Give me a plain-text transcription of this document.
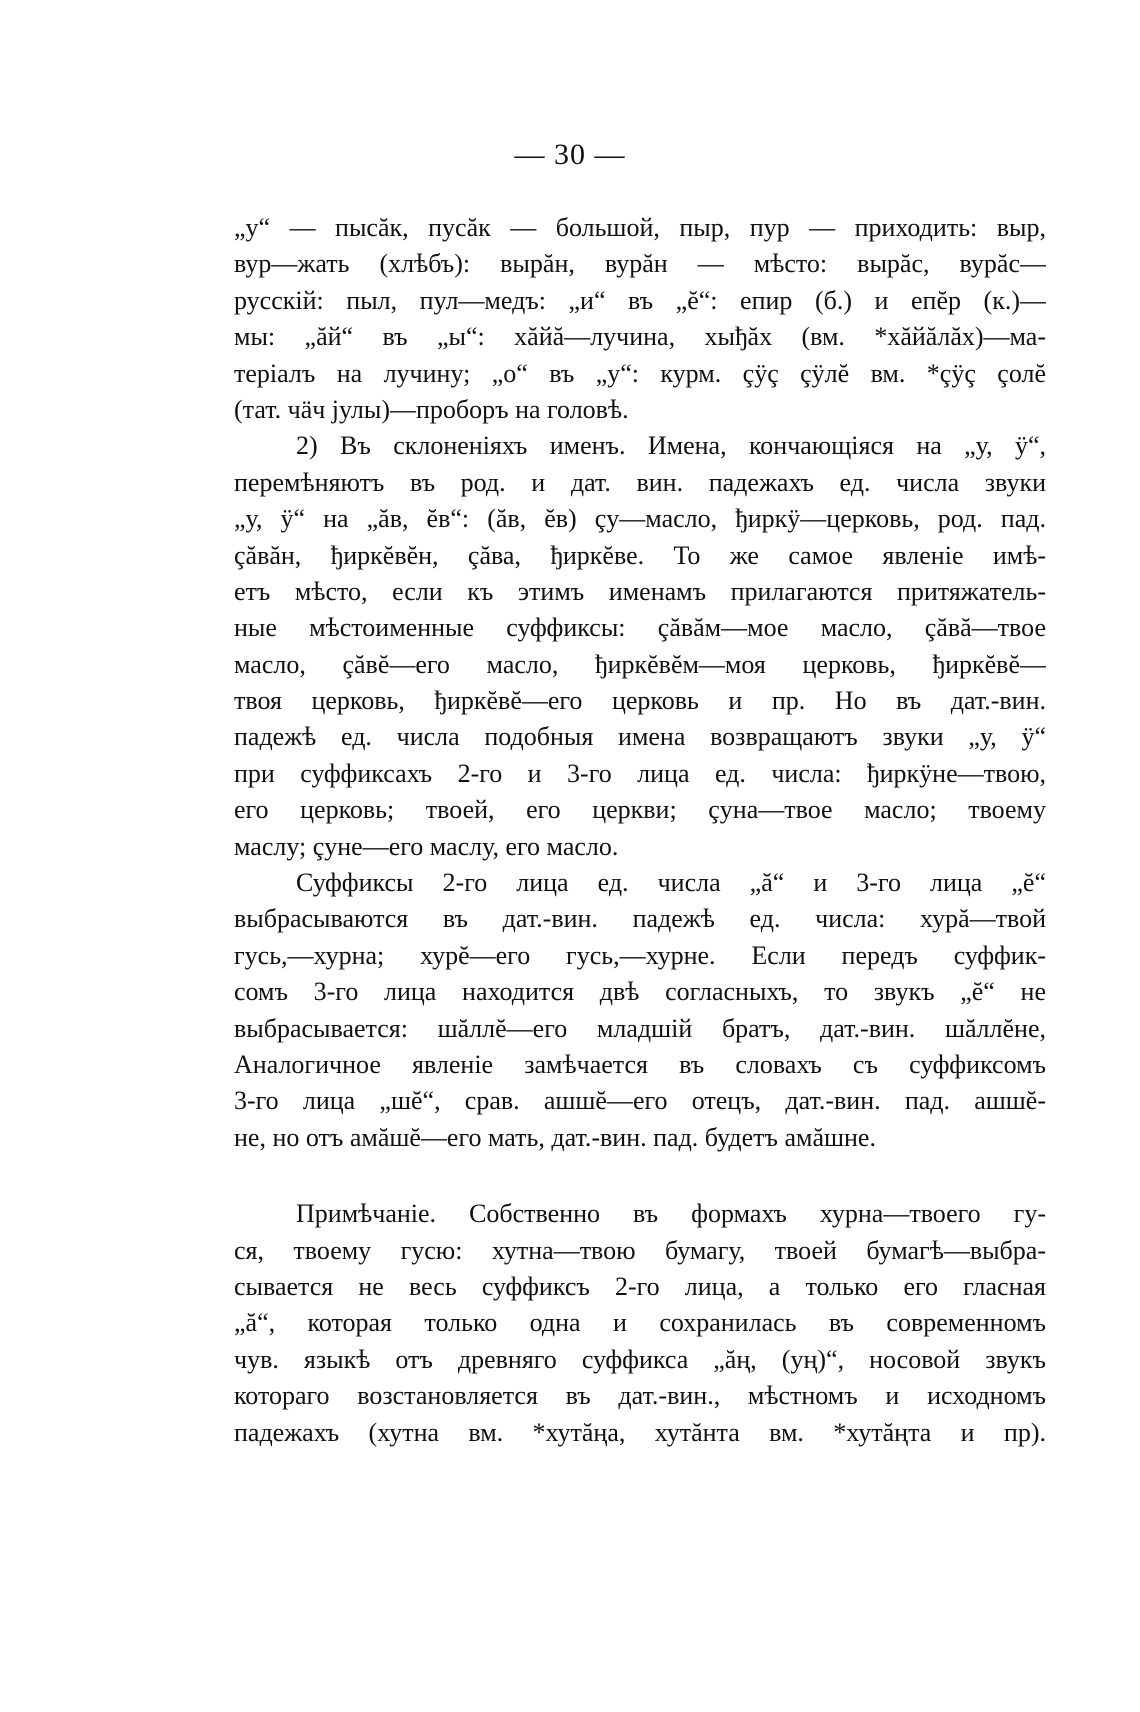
— 30 —
„у“ — пысăк, пусăк — большой, пыр, пур — приходить: выр,
вур—жать (хлѣбъ): вырăн, вурăн — мѣсто: вырăс, вурăс—
русскій: пыл, пул—медъ: „и“ въ „ĕ“: епир (б.) и епĕр (к.)—
мы: „ăй“ въ „ы“: хăйă—лучина, хыђăх (вм. *хăйăлăх)—ма-
теріалъ на лучину; „о“ въ „у“: курм. çÿç çÿлĕ вм. *çÿç çолĕ
(тат. чäч jулы)—проборъ на головѣ.
2) Въ склоненіяхъ именъ. Имена, кончающіяся на „у, ÿ“,
перемѣняютъ въ род. и дат. вин. падежахъ ед. числа звуки
„у, ÿ“ на „ăв, ĕв“: (ăв, ĕв) çу—масло, ђиркÿ—церковь, род. пад.
çăвăн, ђиркĕвĕн, çăва, ђиркĕве. То же самое явленіе имѣ-
етъ мѣсто, если къ этимъ именамъ прилагаются притяжатель-
ные мѣстоименные суффиксы: çăвăм—мое масло, çăвă—твое
масло, çăвĕ—его масло, ђиркĕвĕм—моя церковь, ђиркĕвĕ—
твоя церковь, ђиркĕвĕ—его церковь и пр. Но въ дат.-вин.
падежѣ ед. числа подобныя имена возвращаютъ звуки „у, ÿ“
при суффиксахъ 2-го и 3-го лица ед. числа: ђиркÿне—твою,
его церковь; твоей, его церкви; çуна—твое масло; твоему
маслу; çуне—его маслу, его масло.
Суффиксы 2-го лица ед. числа „ă“ и 3-го лица „ĕ“
выбрасываются въ дат.-вин. падежѣ ед. числа: хурă—твой
гусь,—хурна; хурĕ—его гусь,—хурне. Если передъ суффик-
сомъ 3-го лица находится двѣ согласныхъ, то звукъ „ĕ“ не
выбрасывается: шăллĕ—его младшій братъ, дат.-вин. шăллĕне,
Аналогичное явленіе замѣчается въ словахъ съ суффиксомъ
3-го лица „шĕ“, срав. ашшĕ—его отецъ, дат.-вин. пад. ашшĕ-
не, но отъ амăшĕ—его мать, дат.-вин. пад. будетъ амăшне.
Примѣчаніе. Собственно въ формахъ хурна—твоего гу-
ся, твоему гусю: хутна—твою бумагу, твоей бумагѣ—выбра-
сывается не весь суффиксъ 2-го лица, а только его гласная
„ă“, которая только одна и сохранилась въ современномъ
чув. языкѣ отъ древняго суффикса „ăң, (уң)“, носовой звукъ
котораго возстановляется въ дат.-вин., мѣстномъ и исходномъ
падежахъ (хутна вм. *хутăңа, хутăнта вм. *хутăңта и пр).
